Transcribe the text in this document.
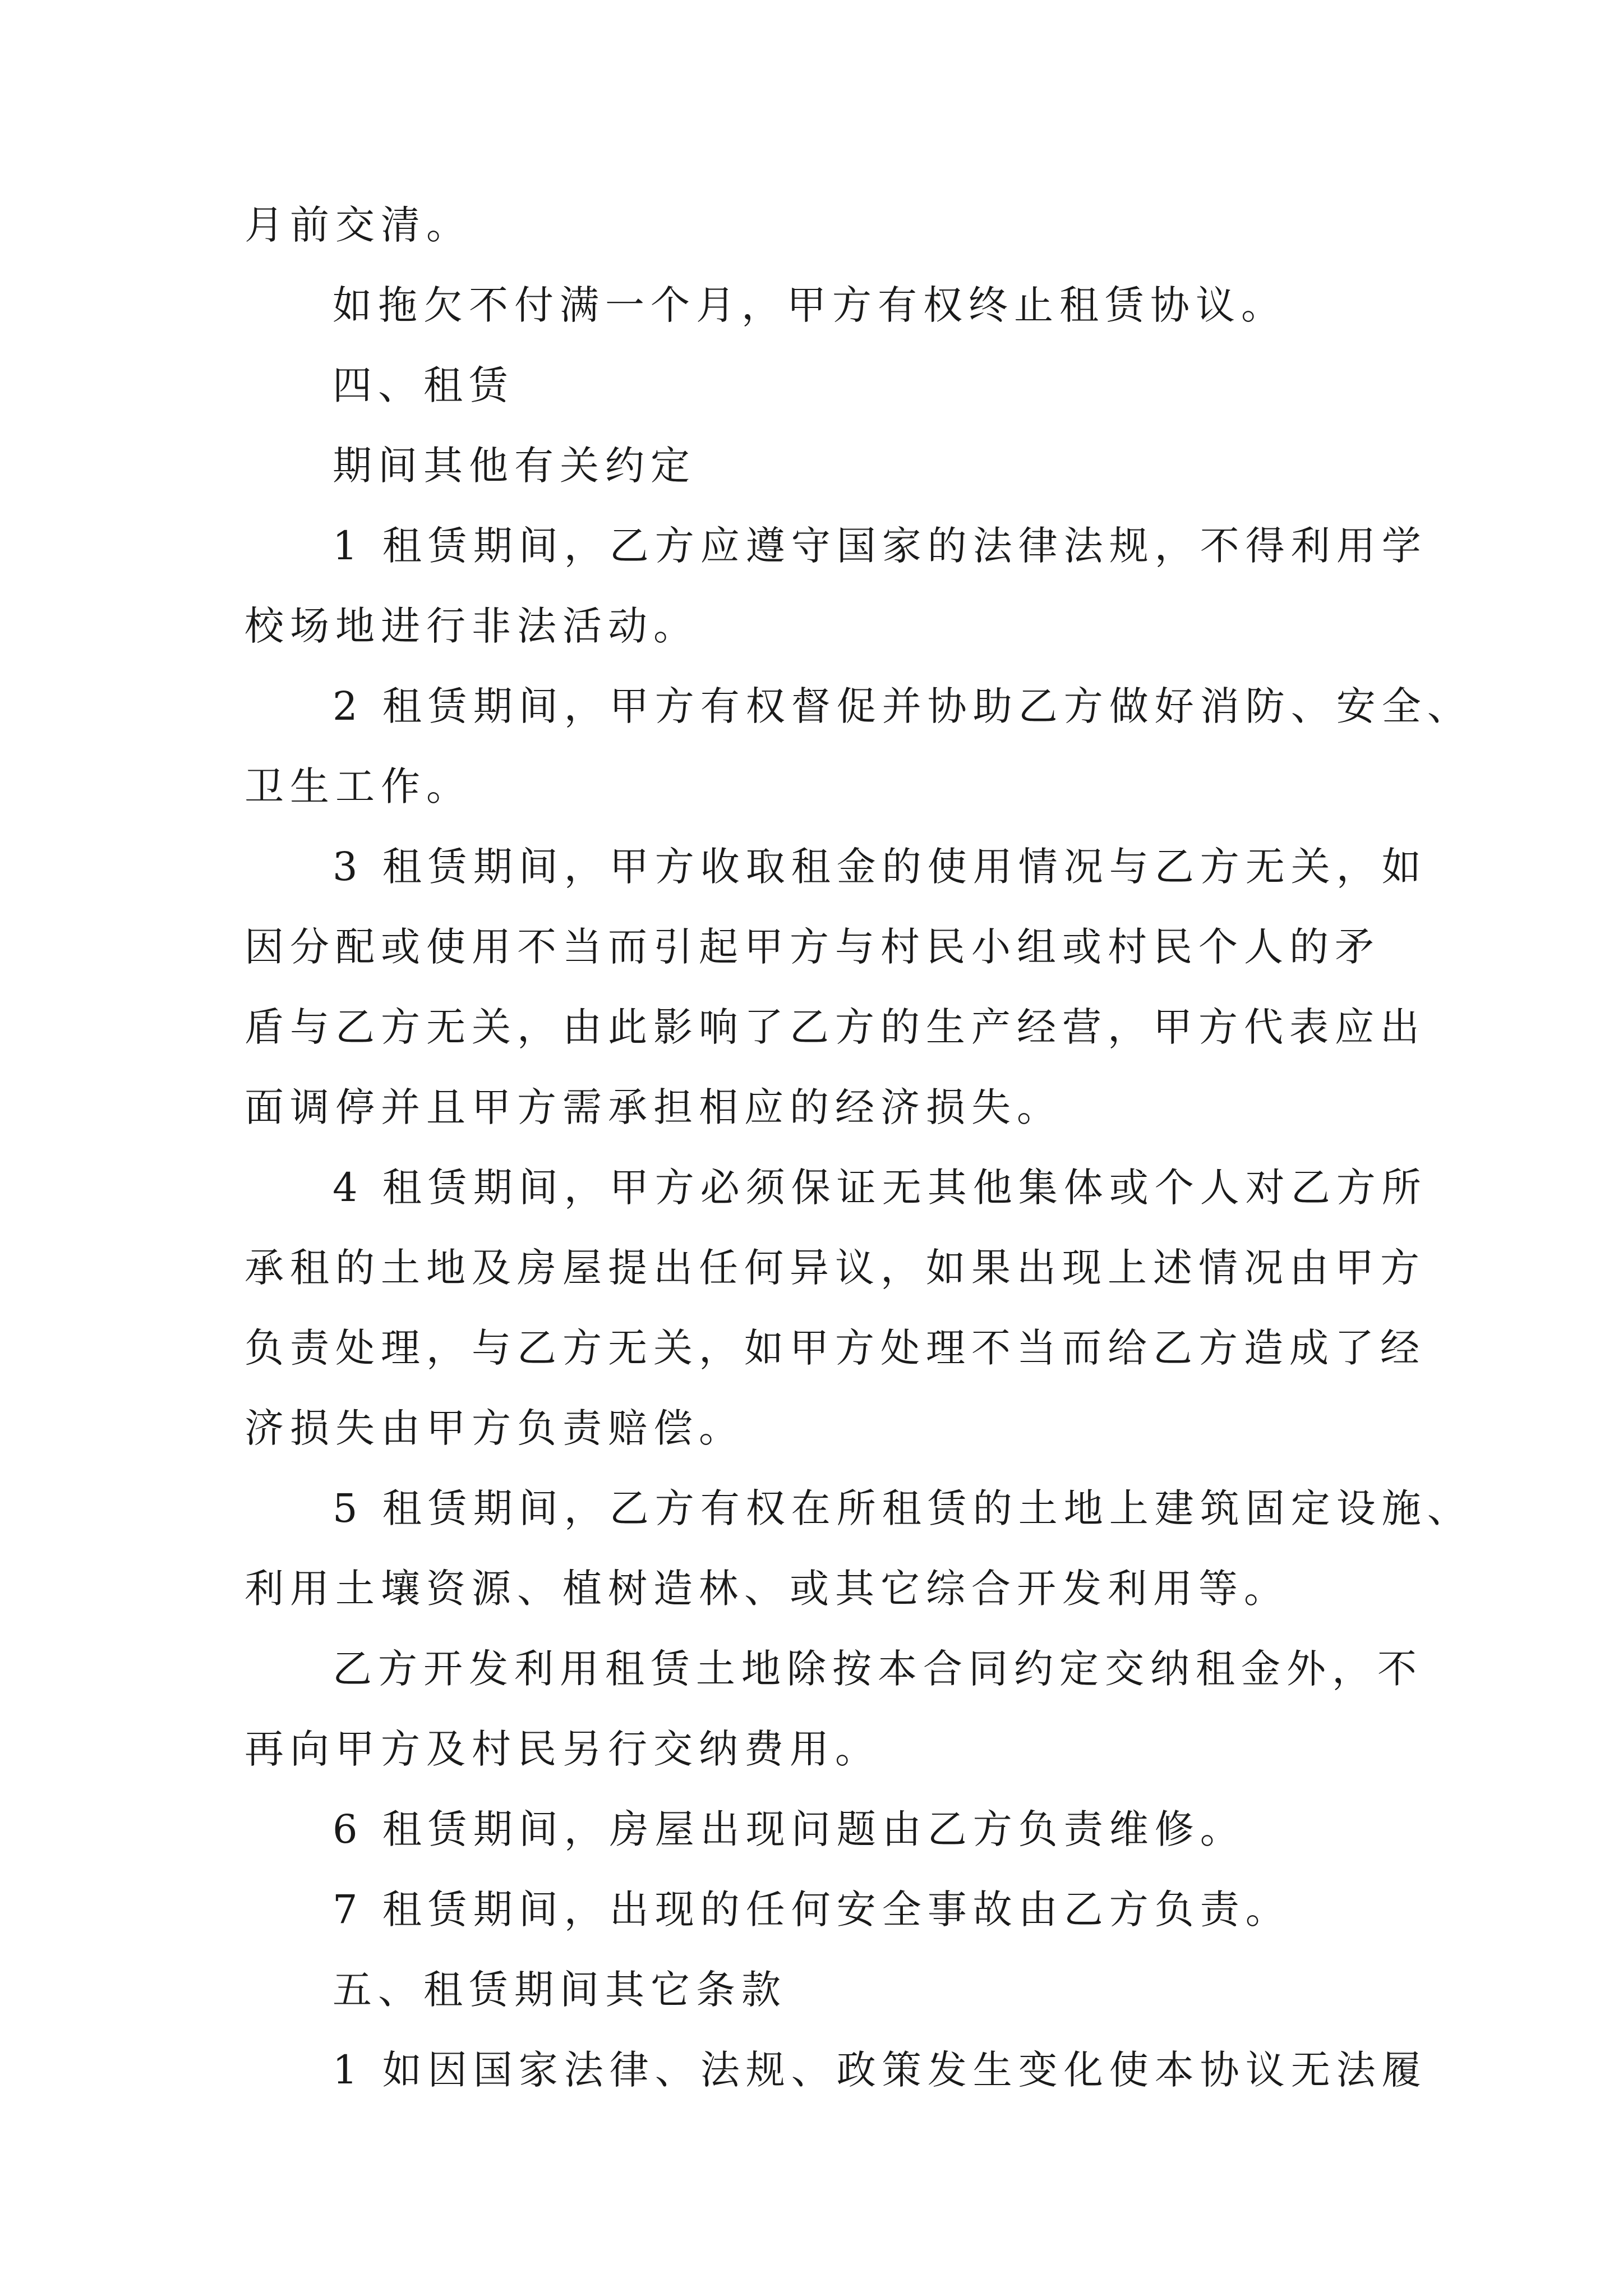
月前交清。
如拖欠不付满一个月，甲方有权终止租赁协议。
四、租赁
期间其他有关约定
1 租赁期间，乙方应遵守国家的法律法规，不得利用学
校场地进行非法活动。
2 租赁期间，甲方有权督促并协助乙方做好消防、安全、
卫生工作。
3 租赁期间，甲方收取租金的使用情况与乙方无关，如
因分配或使用不当而引起甲方与村民小组或村民个人的矛
盾与乙方无关，由此影响了乙方的生产经营，甲方代表应出
面调停并且甲方需承担相应的经济损失。
4 租赁期间，甲方必须保证无其他集体或个人对乙方所
承租的土地及房屋提出任何异议，如果出现上述情况由甲方
负责处理，与乙方无关，如甲方处理不当而给乙方造成了经
济损失由甲方负责赔偿。
5 租赁期间，乙方有权在所租赁的土地上建筑固定设施、
利用土壤资源、植树造林、或其它综合开发利用等。
乙方开发利用租赁土地除按本合同约定交纳租金外，不
再向甲方及村民另行交纳费用。
6 租赁期间，房屋出现问题由乙方负责维修。
7 租赁期间，出现的任何安全事故由乙方负责。
五、租赁期间其它条款
1 如因国家法律、法规、政策发生变化使本协议无法履
